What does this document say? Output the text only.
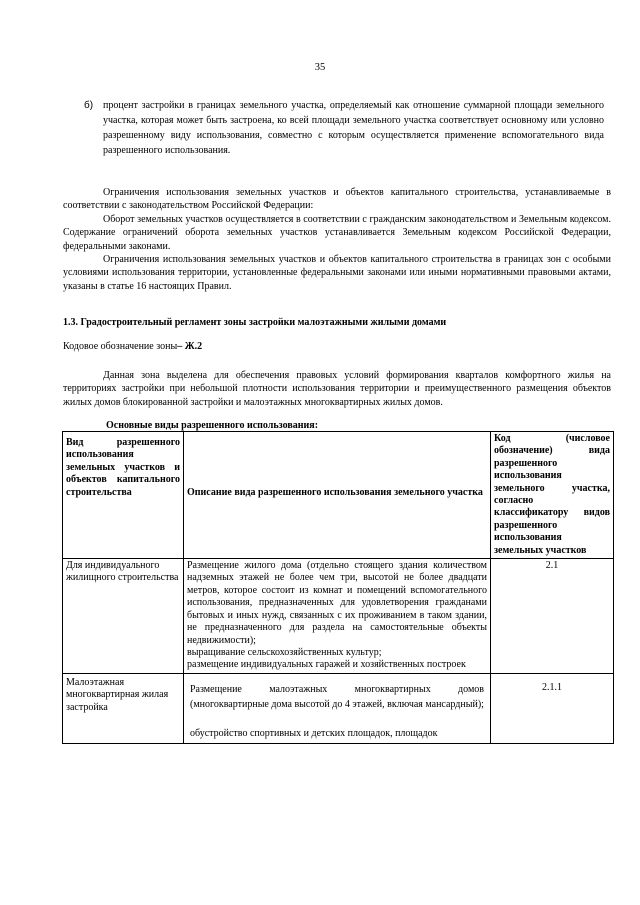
35
б) процент застройки в границах земельного участка, определяемый как отношение суммарной площади земельного участка, которая может быть застроена, ко всей площади земельного участка соответствует основному или условно разрешенному виду использования, совместно с которым осуществляется применение вспомогательного вида разрешенного использования.
Ограничения использования земельных участков и объектов капитального строительства, устанавливаемые в соответствии с законодательством Российской Федерации:
Оборот земельных участков осуществляется в соответствии с гражданским законодательством и Земельным кодексом. Содержание ограничений оборота земельных участков устанавливается Земельным кодексом Российской Федерации, федеральными законами.
Ограничения использования земельных участков и объектов капитального строительства в границах зон с особыми условиями использования территории, установленные федеральными законами или иными нормативными правовыми актами, указаны в статье 16 настоящих Правил.
1.3. Градостроительный регламент зоны застройки малоэтажными жилыми домами
Кодовое обозначение зоны– Ж.2
Данная зона выделена для обеспечения правовых условий формирования кварталов комфортного жилья на территориях застройки при небольшой плотности использования территории и преимущественного размещения объектов жилых домов блокированной застройки и малоэтажных многоквартирных жилых домов.
Основные виды разрешенного использования:
Вид разрешенного использования земельных участков и объектов капитального строительства	Описание вида разрешенного использования земельного участка	Код (числовое обозначение) вида разрешенного использования земельного участка, согласно классификатору видов разрешенного использования земельных участков

Для индивидуального жилищного строительства	Размещение жилого дома (отдельно стоящего здания количеством надземных этажей не более чем три, высотой не более двадцати метров, которое состоит из комнат и помещений вспомогательного использования, предназначенных для удовлетворения гражданами бытовых и иных нужд, связанных с их проживанием в таком здании, не предназначенного для раздела на самостоятельные объекты недвижимости);
выращивание сельскохозяйственных культур;
размещение индивидуальных гаражей и хозяйственных построек	2.1
Малоэтажная многоквартирная жилая застройка	Размещение малоэтажных многоквартирных домов (многоквартирные дома высотой до 4 этажей, включая мансардный);
обустройство спортивных и детских площадок, площадок	2.1.1
